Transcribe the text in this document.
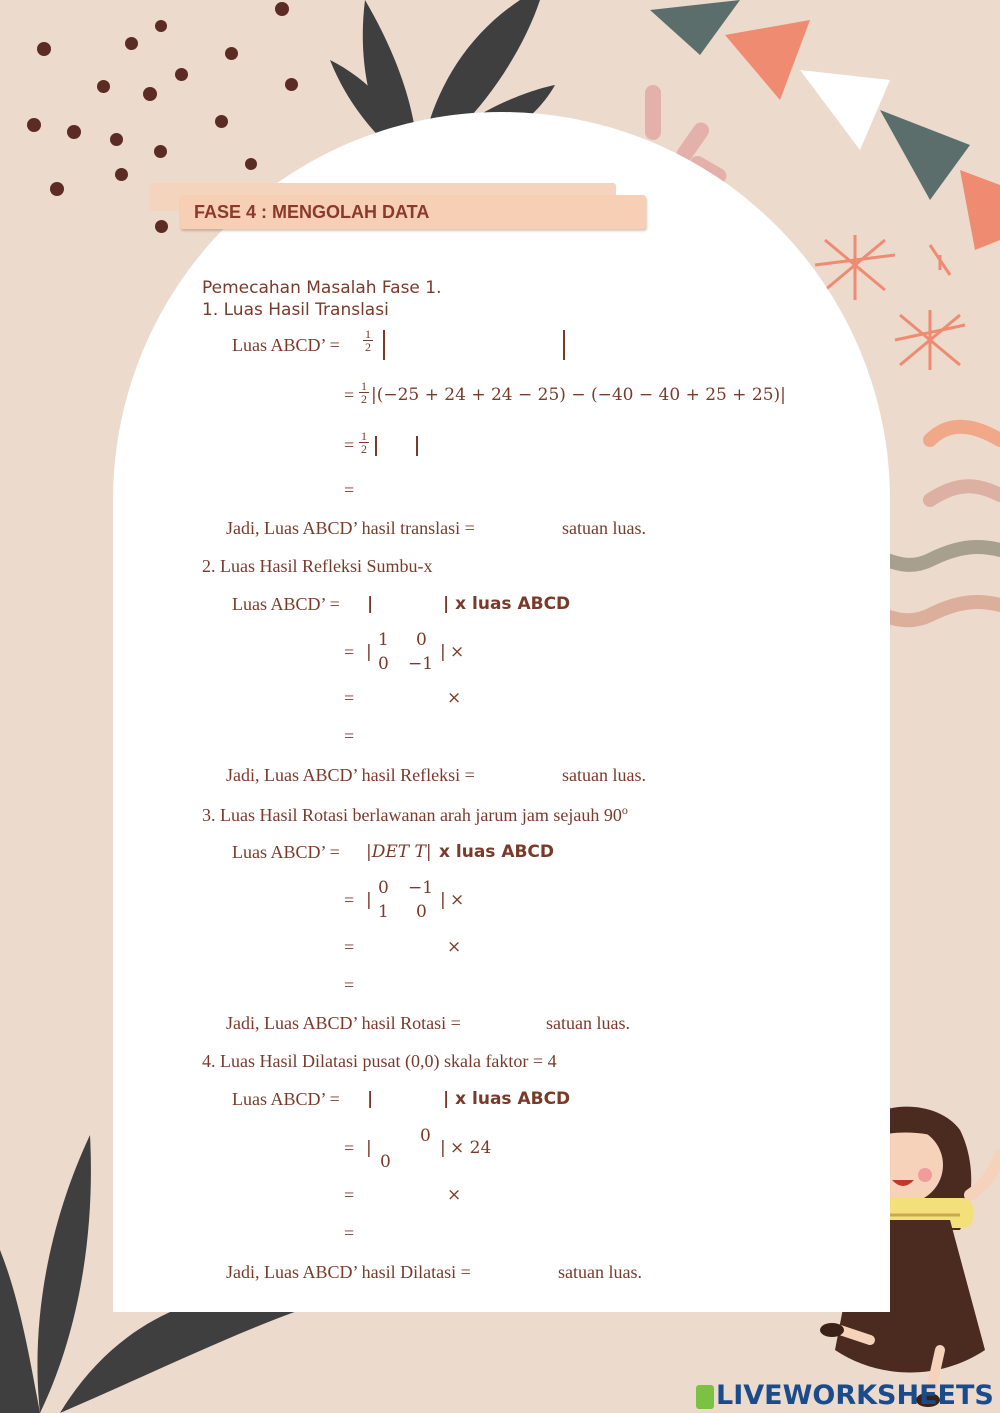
FASE 4 : MENGOLAH DATA
Pemecahan Masalah Fase 1.
1. Luas Hasil Translasi
Luas ABCD’ = $\frac{1}{2}$
= $\frac{1}{2} |(-25 + 24 + 24 - 25) - (-40 - 40 + 25 + 25)|$
= $\frac{1}{2}$
=
Jadi, Luas ABCD’ hasil translasi =	satuan luas.
2. Luas Hasil Refleksi Sumbu-x
Luas ABCD’ = |	| x luas ABCD
= |
1 0
0 −1
| ×
=	×
=
Jadi, Luas ABCD’ hasil Refleksi =	satuan luas.
3. Luas Hasil Rotasi berlawanan arah jarum jam sejauh 90$^o$
Luas ABCD’ = |DET T| x luas ABCD
= |
0 −1
1 0
| ×
=	×
=
Jadi, Luas ABCD’ hasil Rotasi =	satuan luas.
4. Luas Hasil Dilatasi pusat (0,0) skala faktor = 4
Luas ABCD’ = |	| x luas ABCD
= |
0
0
| × 24
=	×
=
Jadi, Luas ABCD’ hasil Dilatasi =	satuan luas.
LIVEWORKSHEETS
